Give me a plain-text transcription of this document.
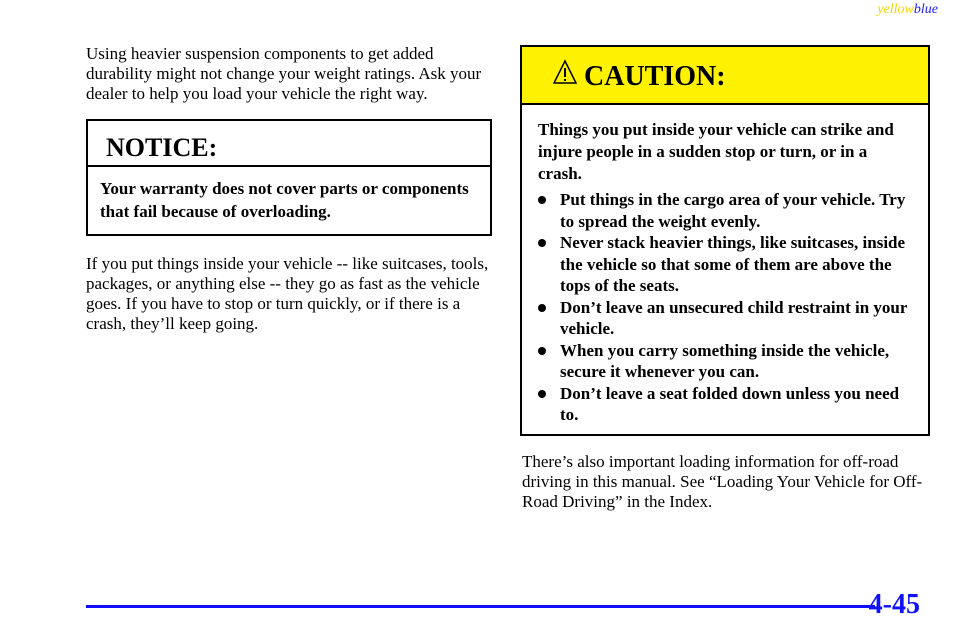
yellowblue

Using heavier suspension components to get added durability might not change your weight ratings. Ask your dealer to help you load your vehicle the right way.

NOTICE:
Your warranty does not cover parts or components that fail because of overloading.

If you put things inside your vehicle -- like suitcases, tools, packages, or anything else -- they go as fast as the vehicle goes. If you have to stop or turn quickly, or if there is a crash, they’ll keep going.

CAUTION:
Things you put inside your vehicle can strike and injure people in a sudden stop or turn, or in a crash.
Put things in the cargo area of your vehicle. Try to spread the weight evenly.
Never stack heavier things, like suitcases, inside the vehicle so that some of them are above the tops of the seats.
Don’t leave an unsecured child restraint in your vehicle.
When you carry something inside the vehicle, secure it whenever you can.
Don’t leave a seat folded down unless you need to.

There’s also important loading information for off-road driving in this manual. See “Loading Your Vehicle for Off-Road Driving” in the Index.

4-45
